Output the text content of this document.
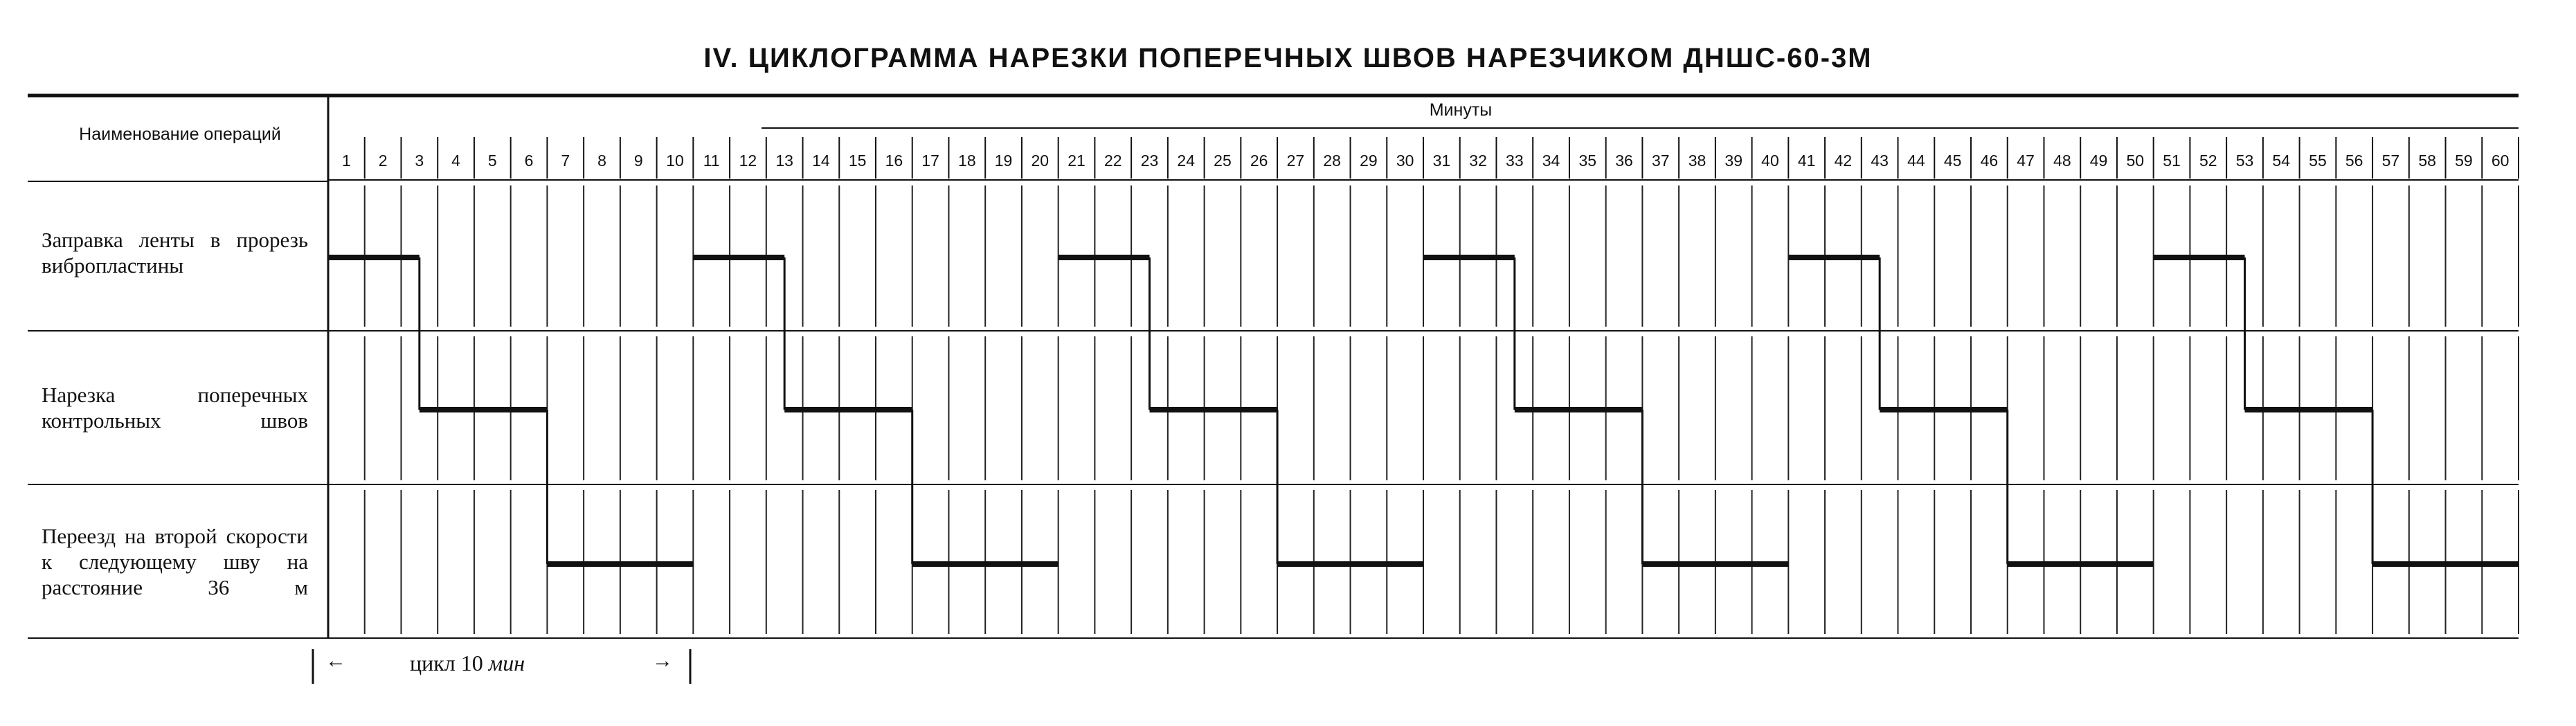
1 2 3 4 5 6 7 8 9 10 11 12 13 14 15 16 17 18 19 20 21 22 23 24 25 26 27 28 29 30 31 32 33 34 35 36 37 38 39 40 41 42 43 44 45 46 47 48 49 50 51 52 53 54 55 56 57 58 59 60
IV. ЦИКЛОГРАММА НАРЕЗКИ ПОПЕРЕЧНЫХ ШВОВ НАРЕЗЧИКОМ ДНШС-60-3М
Наименование операций
Минуты
Заправка ленты в прорезь вибропластины
Нарезка поперечных контрольных швов
Переезд на второй скорости к следующему шву на расстояние 36 м
←	цикл 10 мин	→
